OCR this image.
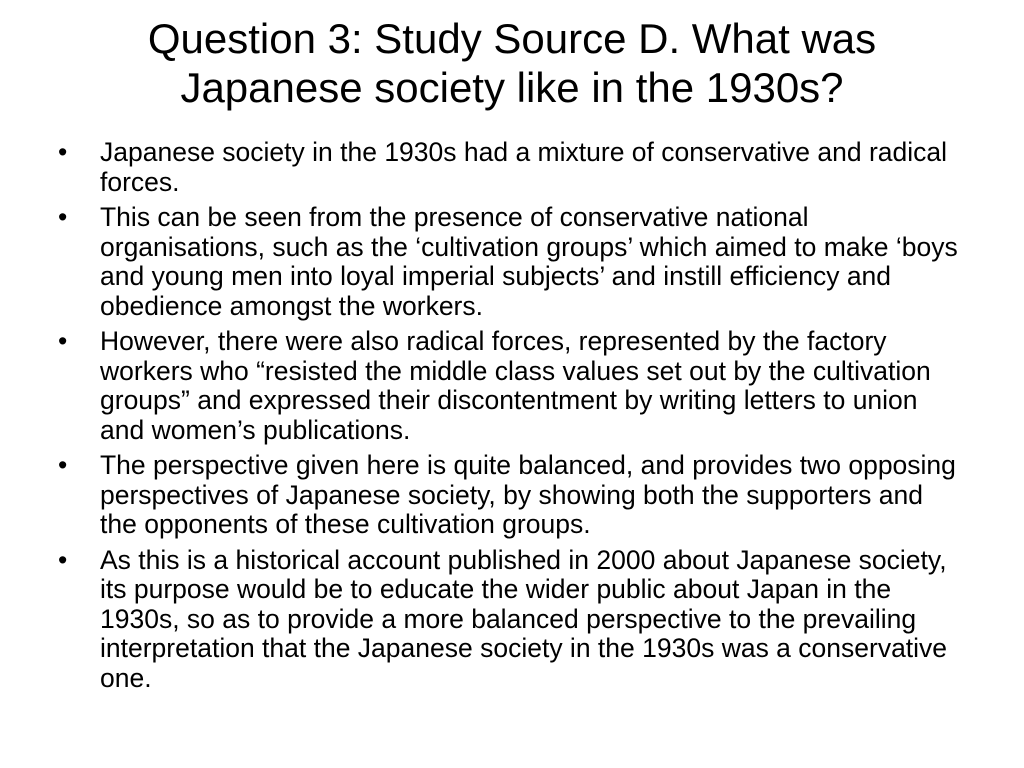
Question 3: Study Source D. What was Japanese society like in the 1930s?
• Japanese society in the 1930s had a mixture of conservative and radical forces.
• This can be seen from the presence of conservative national organisations, such as the ‘cultivation groups’ which aimed to make ‘boys and young men into loyal imperial subjects’ and instill efficiency and obedience amongst the workers.
• However, there were also radical forces, represented by the factory workers who “resisted the middle class values set out by the cultivation groups” and expressed their discontentment by writing letters to union and women’s publications.
• The perspective given here is quite balanced, and provides two opposing perspectives of Japanese society, by showing both the supporters and the opponents of these cultivation groups.
• As this is a historical account published in 2000 about Japanese society, its purpose would be to educate the wider public about Japan in the 1930s, so as to provide a more balanced perspective to the prevailing interpretation that the Japanese society in the 1930s was a conservative one.
